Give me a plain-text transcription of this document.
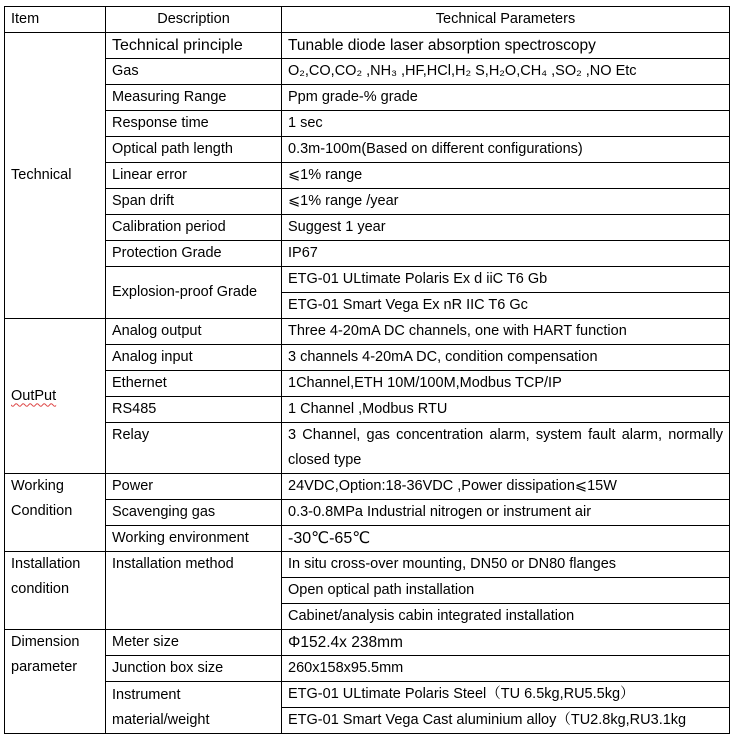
Item	Description	Technical Parameters
Technical	Technical principle	Tunable diode laser absorption spectroscopy
	Gas	O₂,CO,CO₂ ,NH₃ ,HF,HCl,H₂ S,H₂O,CH₄ ,SO₂ ,NO Etc
	Measuring Range	Ppm grade-% grade
	Response time	1 sec
	Optical path length	0.3m-100m(Based on different configurations)
	Linear error	⩽1% range
	Span drift	⩽1% range /year
	Calibration period	Suggest 1 year
	Protection Grade	IP67
	Explosion-proof Grade	ETG-01 ULtimate Polaris Ex d iiC T6 Gb
		ETG-01 Smart Vega Ex nR IIC T6 Gc
OutPut	Analog output	Three 4-20mA DC channels, one with HART function
	Analog input	3 channels 4-20mA DC, condition compensation
	Ethernet	1Channel,ETH 10M/100M,Modbus TCP/IP
	RS485	1 Channel ,Modbus RTU
	Relay	3 Channel, gas concentration alarm, system fault alarm, normally closed type

Working Condition	Power	24VDC,Option:18-36VDC ,Power dissipation⩽15W
	Scavenging gas	0.3-0.8MPa Industrial nitrogen or instrument air
	Working environment	-30℃-65℃
Installation condition	Installation method	In situ cross-over mounting, DN50 or DN80 flanges
		Open optical path installation
		Cabinet/analysis cabin integrated installation
Dimension parameter	Meter size	Φ152.4x 238mm
	Junction box size	260x158x95.5mm
	Instrument material/weight	ETG-01 ULtimate Polaris Steel（TU 6.5kg,RU5.5kg）
		ETG-01 Smart Vega Cast aluminium alloy（TU2.8kg,RU3.1kg
